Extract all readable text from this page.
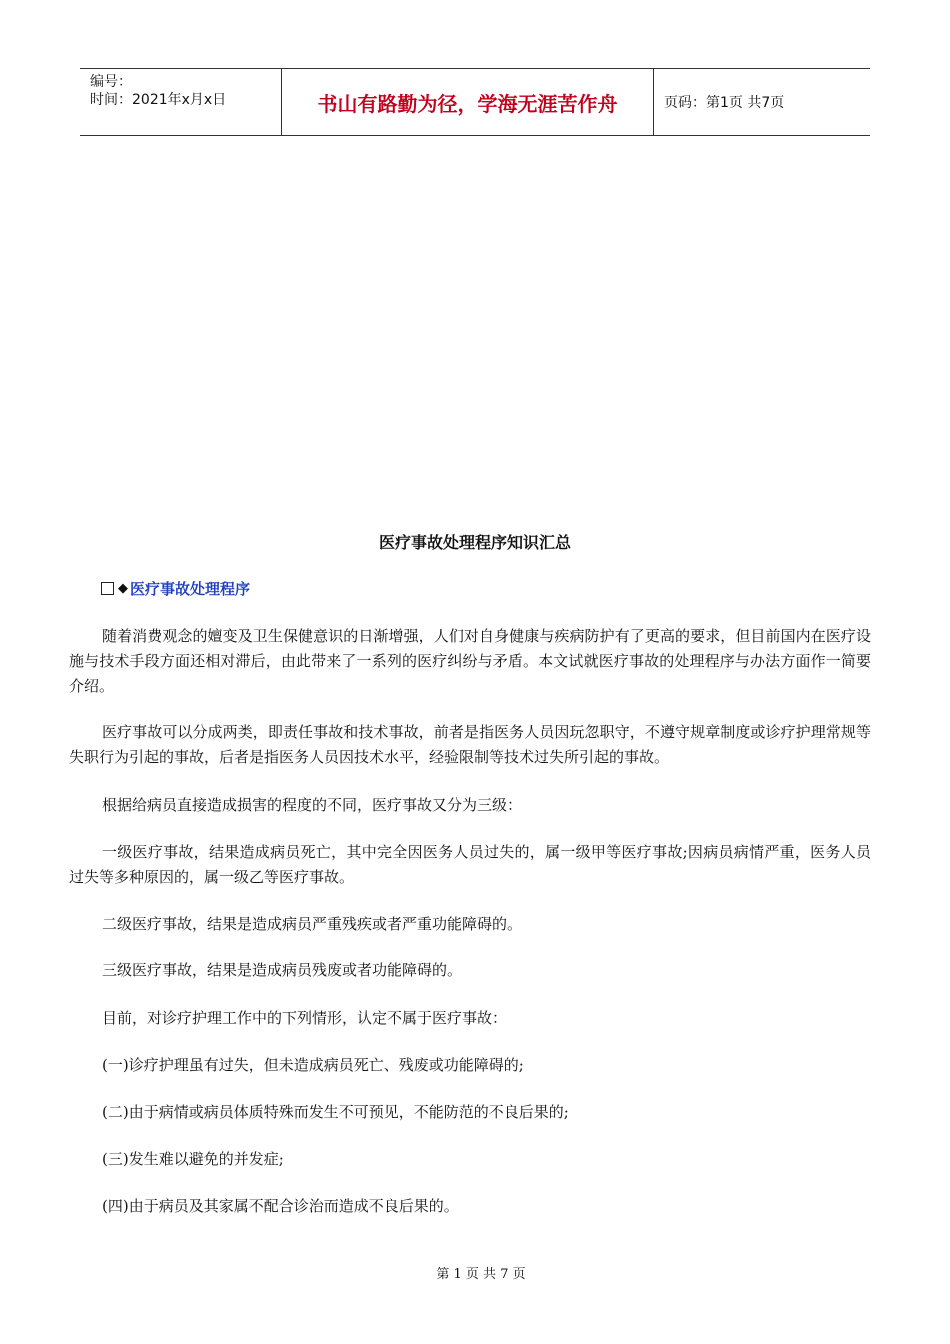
编号：
时间：2021年x月x日	书山有路勤为径，学海无涯苦作舟	页码：第1页 共7页
医疗事故处理程序知识汇总
◆ 医疗事故处理程序

随着消费观念的嬗变及卫生保健意识的日渐增强，人们对自身健康与疾病防护有了更高的要求，但目前国内在医疗设施与技术手段方面还相对滞后，由此带来了一系列的医疗纠纷与矛盾。本文试就医疗事故的处理程序与办法方面作一简要介绍。

医疗事故可以分成两类，即责任事故和技术事故，前者是指医务人员因玩忽职守，不遵守规章制度或诊疗护理常规等失职行为引起的事故，后者是指医务人员因技术水平，经验限制等技术过失所引起的事故。

根据给病员直接造成损害的程度的不同，医疗事故又分为三级：

一级医疗事故，结果造成病员死亡，其中完全因医务人员过失的，属一级甲等医疗事故;因病员病情严重，医务人员过失等多种原因的，属一级乙等医疗事故。

二级医疗事故，结果是造成病员严重残疾或者严重功能障碍的。

三级医疗事故，结果是造成病员残废或者功能障碍的。

目前，对诊疗护理工作中的下列情形，认定不属于医疗事故：

(一)诊疗护理虽有过失，但未造成病员死亡、残废或功能障碍的;

(二)由于病情或病员体质特殊而发生不可预见，不能防范的不良后果的;

(三)发生难以避免的并发症;

(四)由于病员及其家属不配合诊治而造成不良后果的。

第 1 页 共 7 页
